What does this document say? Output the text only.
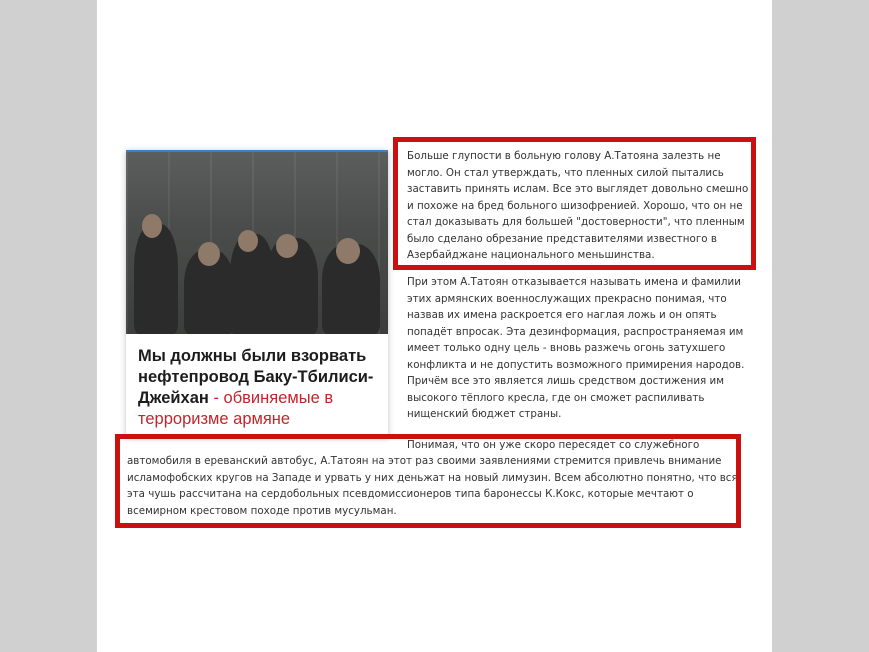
Мы должны были взорвать нефтепровод Баку-Тбилиси-Джейхан - обвиняемые в терроризме армяне
Больше глупости в больную голову А.Татояна залезть не могло. Он стал утверждать, что пленных силой пытались заставить принять ислам. Все это выглядет довольно смешно и похоже на бред больного шизофренией. Хорошо, что он не стал доказывать для большей "достоверности", что пленным было сделано обрезание представителями известного в Азербайджане национального меньшинства.
При этом А.Татоян отказывается называть имена и фамилии этих армянских военнослужащих прекрасно понимая, что назвав их имена раскроется его наглая ложь и он опять попадёт впросак. Эта дезинформация, распространяемая им имеет только одну цель - вновь разжечь огонь затухшего конфликта и не допустить возможного примирения народов. Причём все это является лишь средством достижения им высокого тёплого кресла, где он сможет распиливать нищенский бюджет страны.
Понимая, что он уже скоро пересядет со служебного
автомобиля в ереванский автобус, А.Татоян на этот раз своими заявлениями стремится привлечь внимание исламофобских кругов на Западе и урвать у них деньжат на новый лимузин. Всем абсолютно понятно, что вся эта чушь рассчитана на сердобольных псевдомиссионеров типа баронессы К.Кокс, которые мечтают о всемирном крестовом походе против мусульман.
